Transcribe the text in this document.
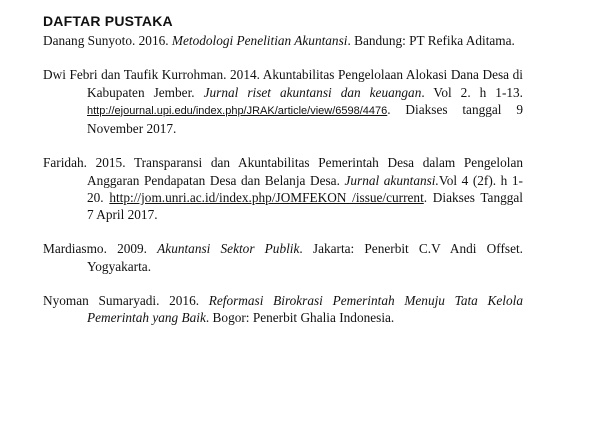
DAFTAR PUSTAKA

Danang Sunyoto. 2016. Metodologi Penelitian Akuntansi. Bandung: PT Refika Aditama.

Dwi Febri dan Taufik Kurrohman. 2014. Akuntabilitas Pengelolaan Alokasi Dana Desa di Kabupaten Jember. Jurnal riset akuntansi dan keuangan. Vol 2. h 1-13. http://ejournal.upi.edu/index.php/JRAK/article/view/6598/4476. Diakses tanggal 9 November 2017.

Faridah. 2015. Transparansi dan Akuntabilitas Pemerintah Desa dalam Pengelolan Anggaran Pendapatan Desa dan Belanja Desa. Jurnal akuntansi.Vol 4 (2f). h 1-20. http://jom.unri.ac.id/index.php/JOMFEKON /issue/current. Diakses Tanggal 7 April 2017.

Mardiasmo. 2009. Akuntansi Sektor Publik. Jakarta: Penerbit C.V Andi Offset. Yogyakarta.

Nyoman Sumaryadi. 2016. Reformasi Birokrasi Pemerintah Menuju Tata Kelola Pemerintah yang Baik. Bogor: Penerbit Ghalia Indonesia.
